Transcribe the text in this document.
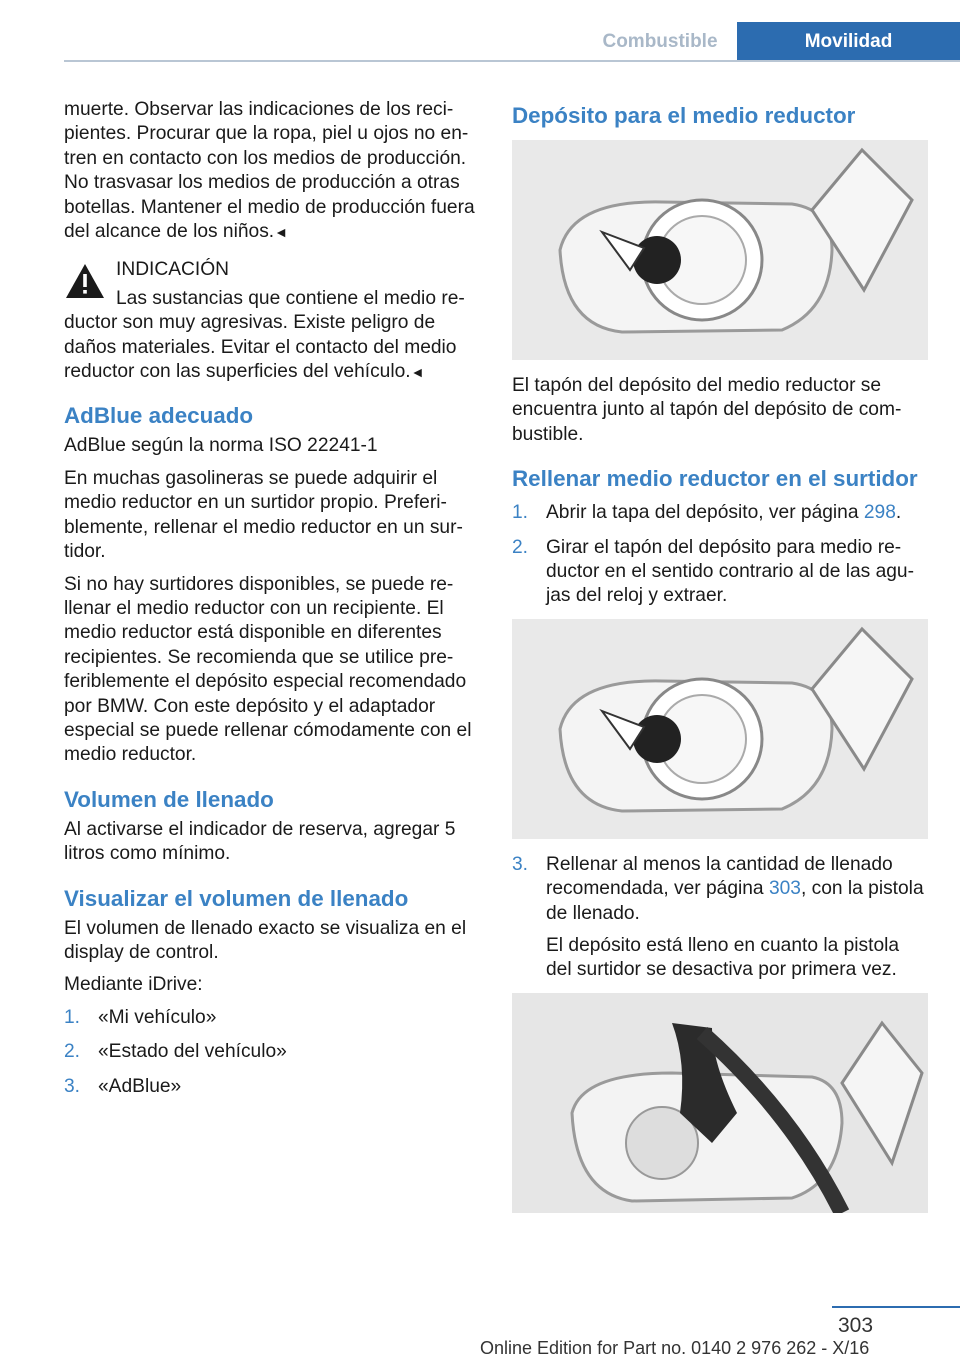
Combustible	Movilidad

muerte. Observar las indicaciones de los recipientes. Procurar que la ropa, piel u ojos no entren en contacto con los medios de producción. No trasvasar los medios de producción a otras botellas. Mantener el medio de producción fuera del alcance de los niños.◄

INDICACIÓN
Las sustancias que contiene el medio reductor son muy agresivas. Existe peligro de daños materiales. Evitar el contacto del medio reductor con las superficies del vehículo.◄
AdBlue adecuado

AdBlue según la norma ISO 22241‑1

En muchas gasolineras se puede adquirir el medio reductor en un surtidor propio. Preferiblemente, rellenar el medio reductor en un surtidor.

Si no hay surtidores disponibles, se puede rellenar el medio reductor con un recipiente. El medio reductor está disponible en diferentes recipientes. Se recomienda que se utilice preferiblemente el depósito especial recomendado por BMW. Con este depósito y el adaptador especial se puede rellenar cómodamente con el medio reductor.

Volumen de llenado

Al activarse el indicador de reserva, agregar 5 litros como mínimo.

Visualizar el volumen de llenado

El volumen de llenado exacto se visualiza en el display de control.

Mediante iDrive:

1. «Mi vehículo»
2. «Estado del vehículo»
3. «AdBlue»
Depósito para el medio reductor

El tapón del depósito del medio reductor se encuentra junto al tapón del depósito de combustible.

Rellenar medio reductor en el surtidor
1. Abrir la tapa del depósito, ver página 298.
2. Girar el tapón del depósito para medio reductor en el sentido contrario al de las agujas del reloj y extraer.
3. Rellenar al menos la cantidad de llenado recomendada, ver página 303, con la pistola de llenado.
El depósito está lleno en cuanto la pistola del surtidor se desactiva por primera vez.
303
Online Edition for Part no. 0140 2 976 262 - X/16
